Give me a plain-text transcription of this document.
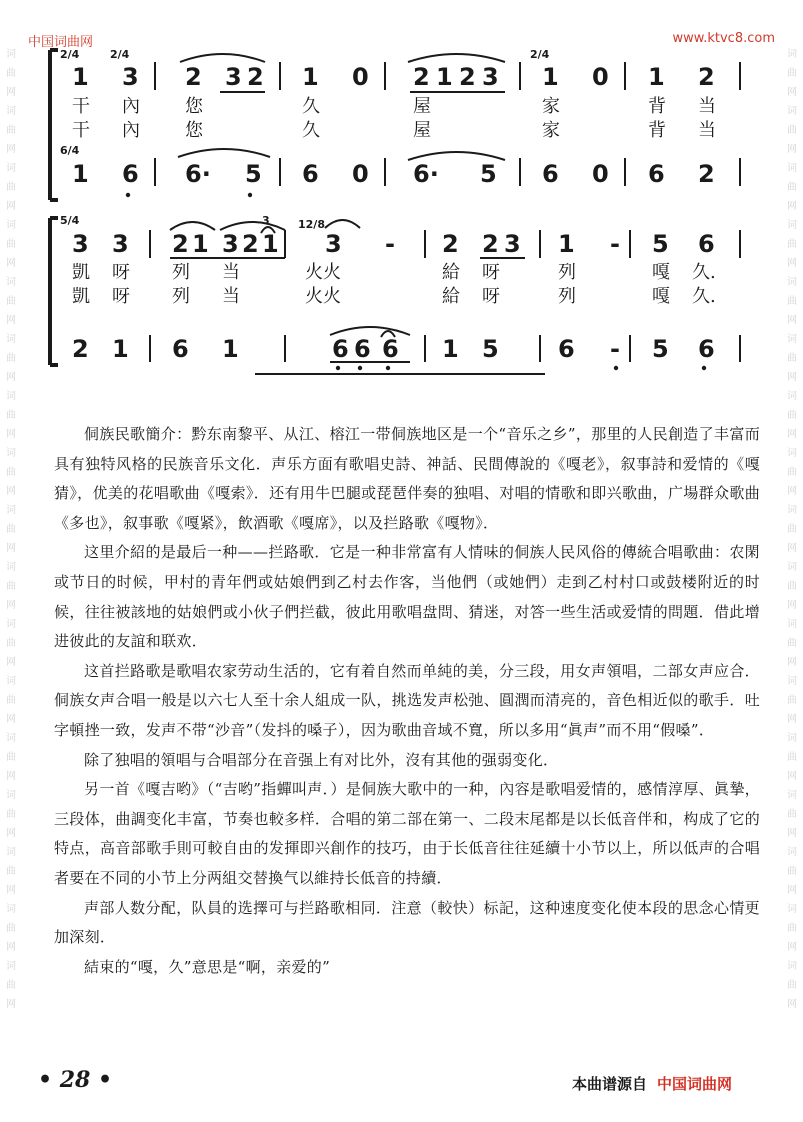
词
曲
网
词
曲
网
词
曲
网
词
曲
网
词
曲
网
词
曲
网
词
曲
网
词
曲
网
词
曲
网
词
曲
网
词
曲
网
词
曲
网
词
曲
网
词
曲
网
词
曲
网
词
曲
网
词
曲
网
词
曲
网
词
曲
网
词
曲
网
词
曲
网
词
曲
网
词
曲
网
词
曲
网
词
曲
网
词
曲
网
词
曲
网
词
曲
网
词
曲
网
词
曲
网
词
曲
网
词
曲
网
词
曲
网
词
曲
网
中国词曲网	www.ktvc8.com
2/4	2/4	2/4
6/4
1 3 2 3 2 1 0 2 1 2 3 1 0 1 2
干 內	您	久	屋	家	背 当
干 內	您	久	屋	家	背 当
1 6 6· 5 6 0 6· 5 6 0 6 2
5/4	3	12/8
3 3 2 1 3 2 1 3 - 2 2 3 1 - 5 6
凱 呀 列 当	火火	給 呀	列	嘎 久.
凱 呀 列 当	火火	給 呀	列	嘎 久.
2 1 6 1	6 6 6 1 5 6 - 5 6

侗族民歌簡介：黔东南黎平、从江、榕江一带侗族地区是一个“音乐之乡”，那里的人民創造了丰富而具有独特风格的民族音乐文化．声乐方面有歌唱史詩、神話、民間傳說的《嘎老》，叙事詩和爱情的《嘎猜》，优美的花唱歌曲《嘎索》．还有用牛巴腿或琵琶伴奏的独唱、对唱的情歌和即兴歌曲，广場群众歌曲《多也》，叙事歌《嘎紧》，飲酒歌《嘎席》，以及拦路歌《嘎物》．

这里介紹的是最后一种——拦路歌．它是一种非常富有人情味的侗族人民风俗的傳統合唱歌曲：农閑或节日的时候，甲村的青年們或姑娘們到乙村去作客，当他們（或她們）走到乙村村口或鼓楼附近的时候，往往被該地的姑娘們或小伙子們拦截，彼此用歌唱盘問、猜迷，对答一些生活或爱情的問題．借此增进彼此的友誼和联欢．

这首拦路歌是歌唱农家劳动生活的，它有着自然而单純的美，分三段，用女声領唱，二部女声应合．侗族女声合唱一般是以六七人至十余人組成一队，挑选发声松弛、圓潤而清亮的，音色相近似的歌手．吐字頓挫一致，发声不带“沙音”（发抖的嗓子），因为歌曲音域不寬，所以多用“眞声”而不用“假嗓”．

除了独唱的領唱与合唱部分在音强上有对比外，沒有其他的强弱变化．

另一首《嘎吉哟》（“吉哟”指蟬叫声．）是侗族大歌中的一种，內容是歌唱爱情的，感情淳厚、眞摯，三段体，曲調变化丰富，节奏也較多样．合唱的第二部在第一、二段末尾都是以长低音伴和，构成了它的特点，高音部歌手則可較自由的发揮即兴創作的技巧，由于长低音往往延續十小节以上，所以低声的合唱者要在不同的小节上分两組交替換气以維持长低音的持續．

声部人数分配，队員的选擇可与拦路歌相同．注意（較快）标記，这种速度变化使本段的思念心情更加深刻．

結束的“嘎，久”意思是“啊，亲爱的”

• 28 •	本曲谱源自 中国词曲网
